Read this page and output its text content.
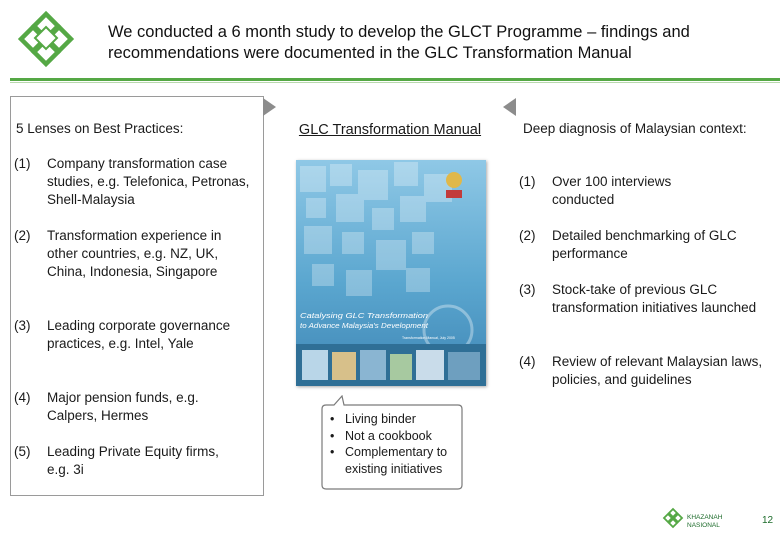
We conducted a 6 month study to develop the GLCT Programme – findings and recommendations were documented in the GLC Transformation Manual
5 Lenses on Best Practices:
(1)	Company transformation case studies, e.g. Telefonica, Petronas, Shell-Malaysia
(2)	Transformation experience in other countries, e.g. NZ, UK, China, Indonesia, Singapore
(3)	Leading corporate governance practices, e.g. Intel, Yale
(4)	Major pension funds, e.g. Calpers, Hermes
(5)	Leading Private Equity firms, e.g. 3i
GLC Transformation Manual
Catalysing GLC Transformation
to Advance Malaysia's Development
Transformation Manual, July 2005
• Living binder
• Not a cookbook
• Complementary to existing initiatives
Deep diagnosis of Malaysian context:
(1)	Over 100 interviews conducted
(2)	Detailed benchmarking of GLC performance
(3)	Stock-take of previous GLC transformation initiatives launched
(4)	Review of relevant Malaysian laws, policies, and guidelines
KHAZANAH
NASIONAL	12
